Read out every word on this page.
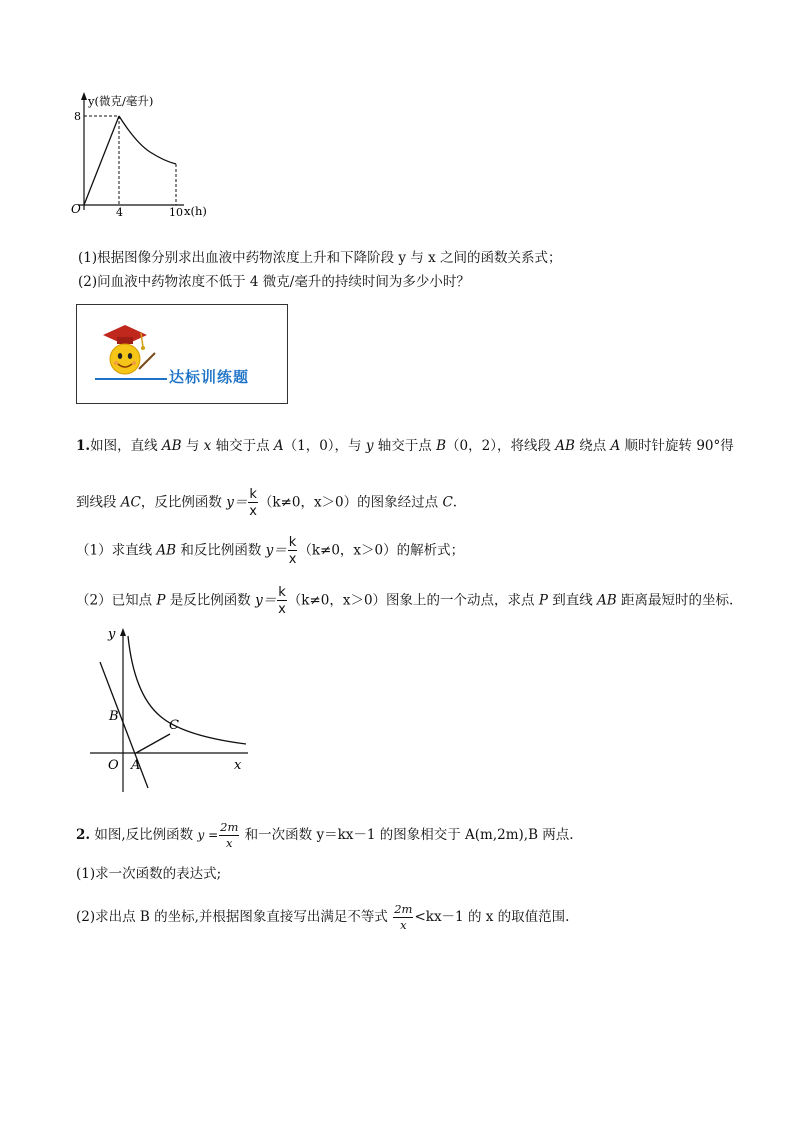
y(微克/毫升)
8
O	4	10 x(h)
(1)根据图像分别求出血液中药物浓度上升和下降阶段 y 与 x 之间的函数关系式；
(2)问血液中药物浓度不低于 4 微克/毫升的持续时间为多少小时？
达标训练题
1.如图，直线 AB 与 x 轴交于点 A（1，0），与 y 轴交于点 B（0，2），将线段 AB 绕点 A 顺时针旋转 90°得
到线段 AC，反比例函数 $y= \frac{k}{x} (k\ne 0$，x＞0）的图象经过点 C.
（1）求直线 AB 和反比例函数 $y= \frac{k}{x} (k\ne 0$，x＞0）的解析式；
（2）已知点 P 是反比例函数 $y= \frac{k}{x} (k\ne 0$，x＞0）图象上的一个动点，求点 P 到直线 AB 距离最短时的坐标.
y
x
O A
B
C
2. 如图,反比例函数 $y = \frac{2m}{x}$ 和一次函数 y＝kx－1 的图象相交于 A(m,2m),B 两点.
(1)求一次函数的表达式;
(2)求出点 B 的坐标,并根据图象直接写出满足不等式 $\frac{2m}{x} <kx-1$ 的 x 的取值范围.
